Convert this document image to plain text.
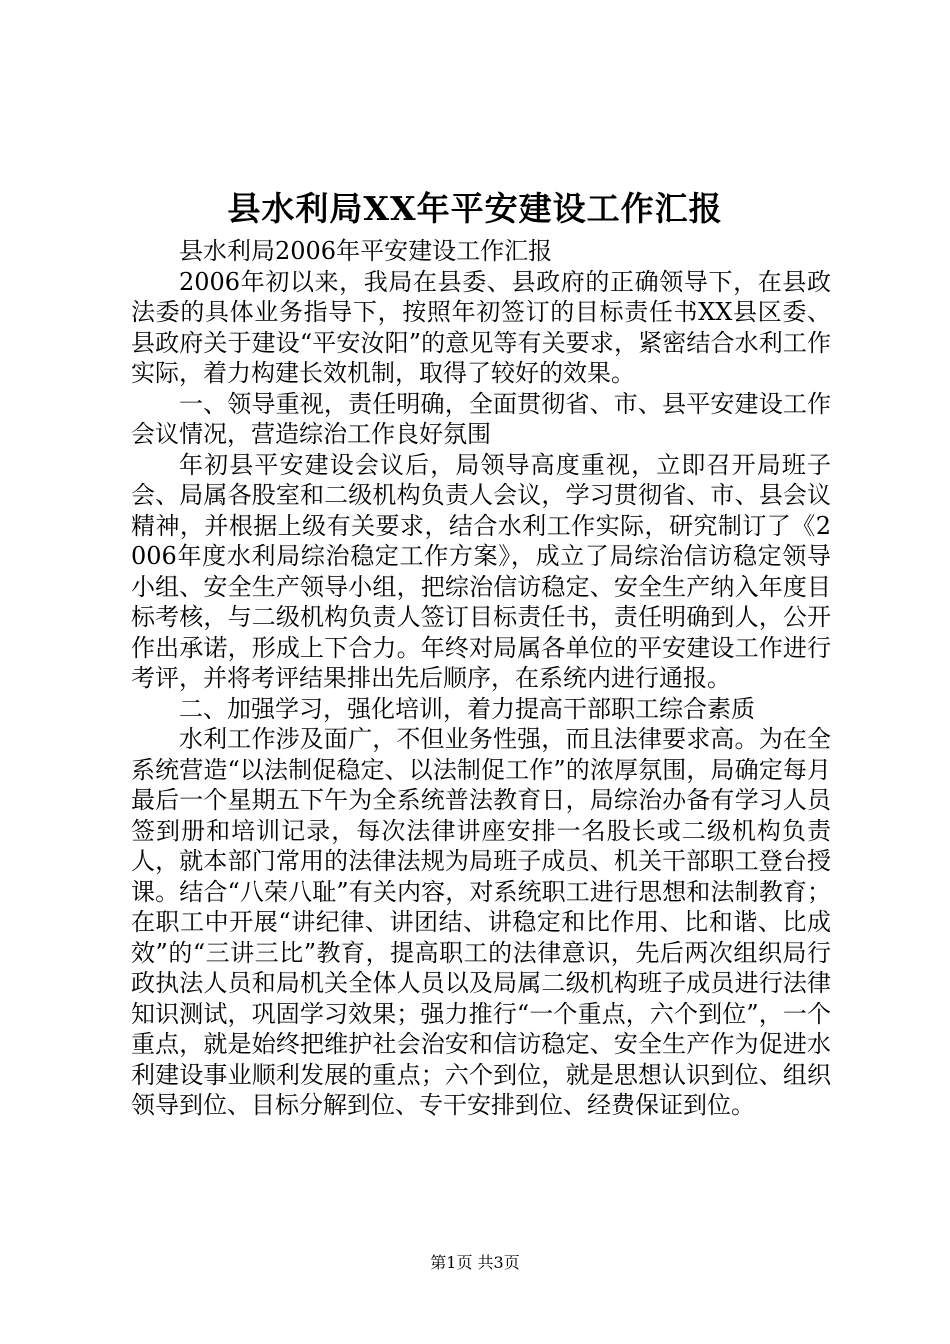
县水利局XX年平安建设工作汇报

县水利局2006年平安建设工作汇报

2006年初以来，我局在县委、县政府的正确领导下，在县政法委的具体业务指导下，按照年初签订的目标责任书XX县区委、县政府关于建设“平安汝阳”的意见等有关要求，紧密结合水利工作实际，着力构建长效机制，取得了较好的效果。

一、领导重视，责任明确，全面贯彻省、市、县平安建设工作会议情况，营造综治工作良好氛围

年初县平安建设会议后，局领导高度重视，立即召开局班子会、局属各股室和二级机构负责人会议，学习贯彻省、市、县会议精神，并根据上级有关要求，结合水利工作实际，研究制订了《2006年度水利局综治稳定工作方案》，成立了局综治信访稳定领导小组、安全生产领导小组，把综治信访稳定、安全生产纳入年度目标考核，与二级机构负责人签订目标责任书，责任明确到人，公开作出承诺，形成上下合力。年终对局属各单位的平安建设工作进行考评，并将考评结果排出先后顺序，在系统内进行通报。

二、加强学习，强化培训，着力提高干部职工综合素质

水利工作涉及面广，不但业务性强，而且法律要求高。为在全系统营造“以法制促稳定、以法制促工作”的浓厚氛围，局确定每月最后一个星期五下午为全系统普法教育日，局综治办备有学习人员签到册和培训记录，每次法律讲座安排一名股长或二级机构负责人，就本部门常用的法律法规为局班子成员、机关干部职工登台授课。结合“八荣八耻”有关内容，对系统职工进行思想和法制教育；在职工中开展“讲纪律、讲团结、讲稳定和比作用、比和谐、比成效”的“三讲三比”教育，提高职工的法律意识，先后两次组织局行政执法人员和局机关全体人员以及局属二级机构班子成员进行法律知识测试，巩固学习效果；强力推行“一个重点，六个到位”，一个重点，就是始终把维护社会治安和信访稳定、安全生产作为促进水利建设事业顺利发展的重点；六个到位，就是思想认识到位、组织领导到位、目标分解到位、专干安排到位、经费保证到位。

第1页 共3页
